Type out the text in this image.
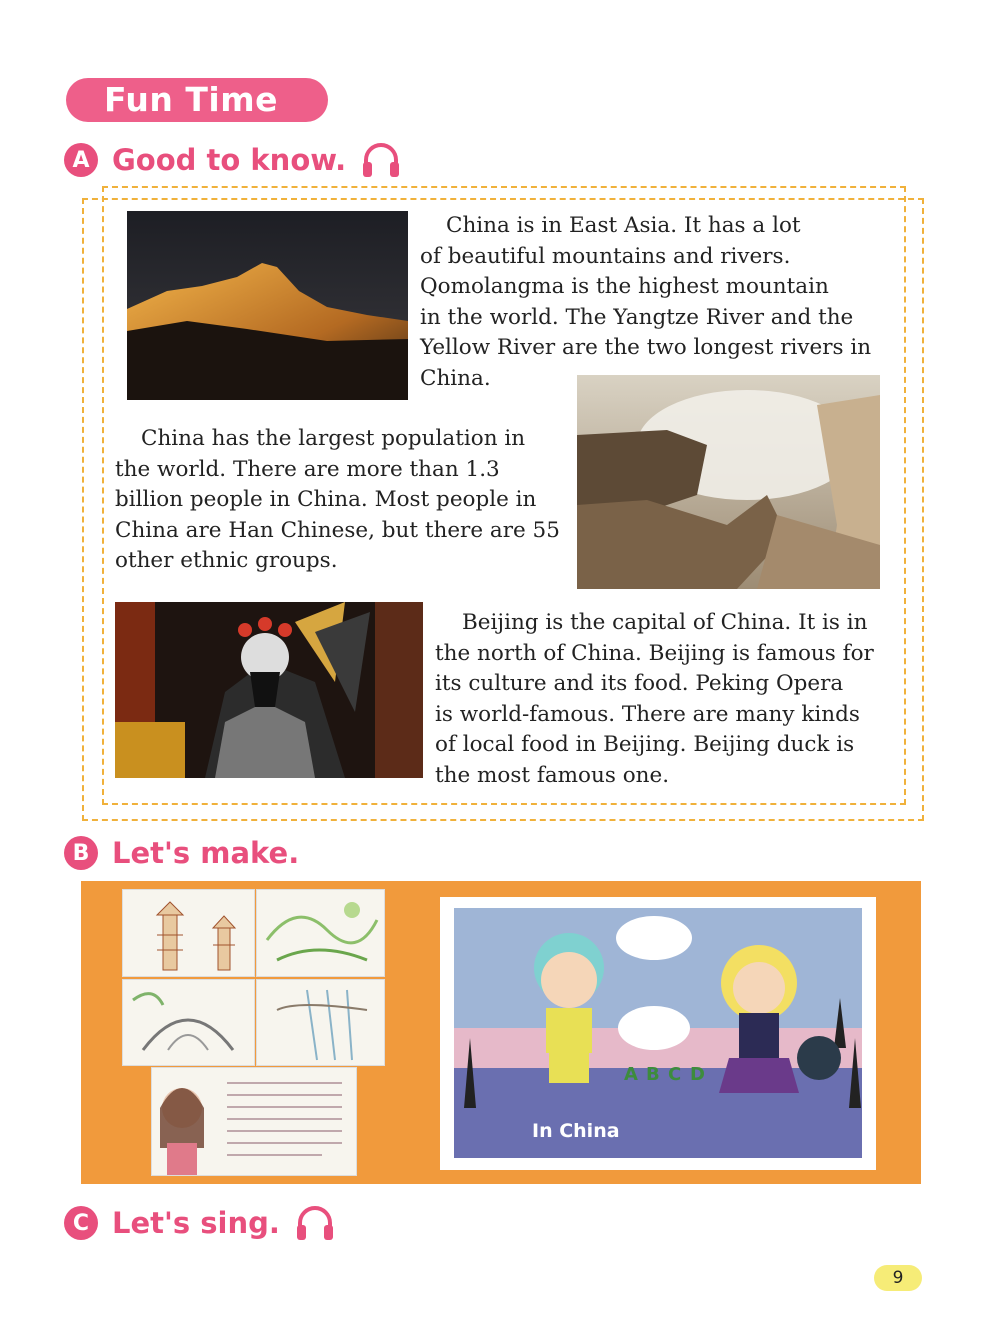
Fun Time
A Good to know.

China is in East Asia. It has a lot

of beautiful mountains and rivers.

Qomolangma is the highest mountain

in the world. The Yangtze River and the

Yellow River are the two longest rivers in

China.

China has the largest population in

the world. There are more than 1.3

billion people in China. Most people in

China are Han Chinese, but there are 55

other ethnic groups.

Beijing is the capital of China. It is in

the north of China. Beijing is famous for

its culture and its food. Peking Opera

is world-famous. There are many kinds

of local food in Beijing. Beijing duck is

the most famous one.

B Let's make.
A B C D
In China
C Let's sing.
9
